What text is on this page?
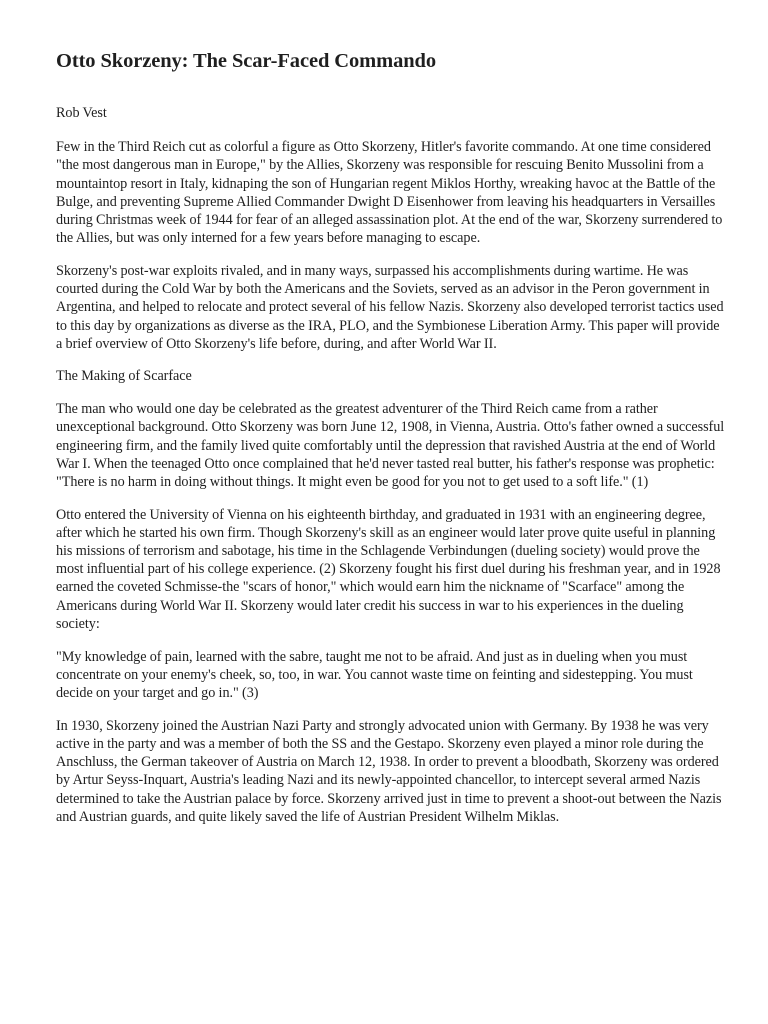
Otto Skorzeny: The Scar-Faced Commando

Rob Vest

Few in the Third Reich cut as colorful a figure as Otto Skorzeny, Hitler's favorite commando. At one time considered "the most dangerous man in Europe," by the Allies, Skorzeny was responsible for rescuing Benito Mussolini from a mountaintop resort in Italy, kidnaping the son of Hungarian regent Miklos Horthy, wreaking havoc at the Battle of the Bulge, and preventing Supreme Allied Commander Dwight D Eisenhower from leaving his headquarters in Versailles during Christmas week of 1944 for fear of an alleged assassination plot. At the end of the war, Skorzeny surrendered to the Allies, but was only interned for a few years before managing to escape.

Skorzeny's post-war exploits rivaled, and in many ways, surpassed his accomplishments during wartime. He was courted during the Cold War by both the Americans and the Soviets, served as an advisor in the Peron government in Argentina, and helped to relocate and protect several of his fellow Nazis. Skorzeny also developed terrorist tactics used to this day by organizations as diverse as the IRA, PLO, and the Symbionese Liberation Army. This paper will provide a brief overview of Otto Skorzeny's life before, during, and after World War II.

The Making of Scarface

The man who would one day be celebrated as the greatest adventurer of the Third Reich came from a rather unexceptional background. Otto Skorzeny was born June 12, 1908, in Vienna, Austria. Otto's father owned a successful engineering firm, and the family lived quite comfortably until the depression that ravished Austria at the end of World War I. When the teenaged Otto once complained that he'd never tasted real butter, his father's response was prophetic: "There is no harm in doing without things. It might even be good for you not to get used to a soft life." (1)

Otto entered the University of Vienna on his eighteenth birthday, and graduated in 1931 with an engineering degree, after which he started his own firm. Though Skorzeny's skill as an engineer would later prove quite useful in planning his missions of terrorism and sabotage, his time in the Schlagende Verbindungen (dueling society) would prove the most influential part of his college experience. (2) Skorzeny fought his first duel during his freshman year, and in 1928 earned the coveted Schmisse-the "scars of honor," which would earn him the nickname of "Scarface" among the Americans during World War II. Skorzeny would later credit his success in war to his experiences in the dueling society:

"My knowledge of pain, learned with the sabre, taught me not to be afraid. And just as in dueling when you must concentrate on your enemy's cheek, so, too, in war. You cannot waste time on feinting and sidestepping. You must decide on your target and go in." (3)

In 1930, Skorzeny joined the Austrian Nazi Party and strongly advocated union with Germany. By 1938 he was very active in the party and was a member of both the SS and the Gestapo. Skorzeny even played a minor role during the Anschluss, the German takeover of Austria on March 12, 1938. In order to prevent a bloodbath, Skorzeny was ordered by Artur Seyss-Inquart, Austria's leading Nazi and its newly-appointed chancellor, to intercept several armed Nazis determined to take the Austrian palace by force. Skorzeny arrived just in time to prevent a shoot-out between the Nazis and Austrian guards, and quite likely saved the life of Austrian President Wilhelm Miklas.
